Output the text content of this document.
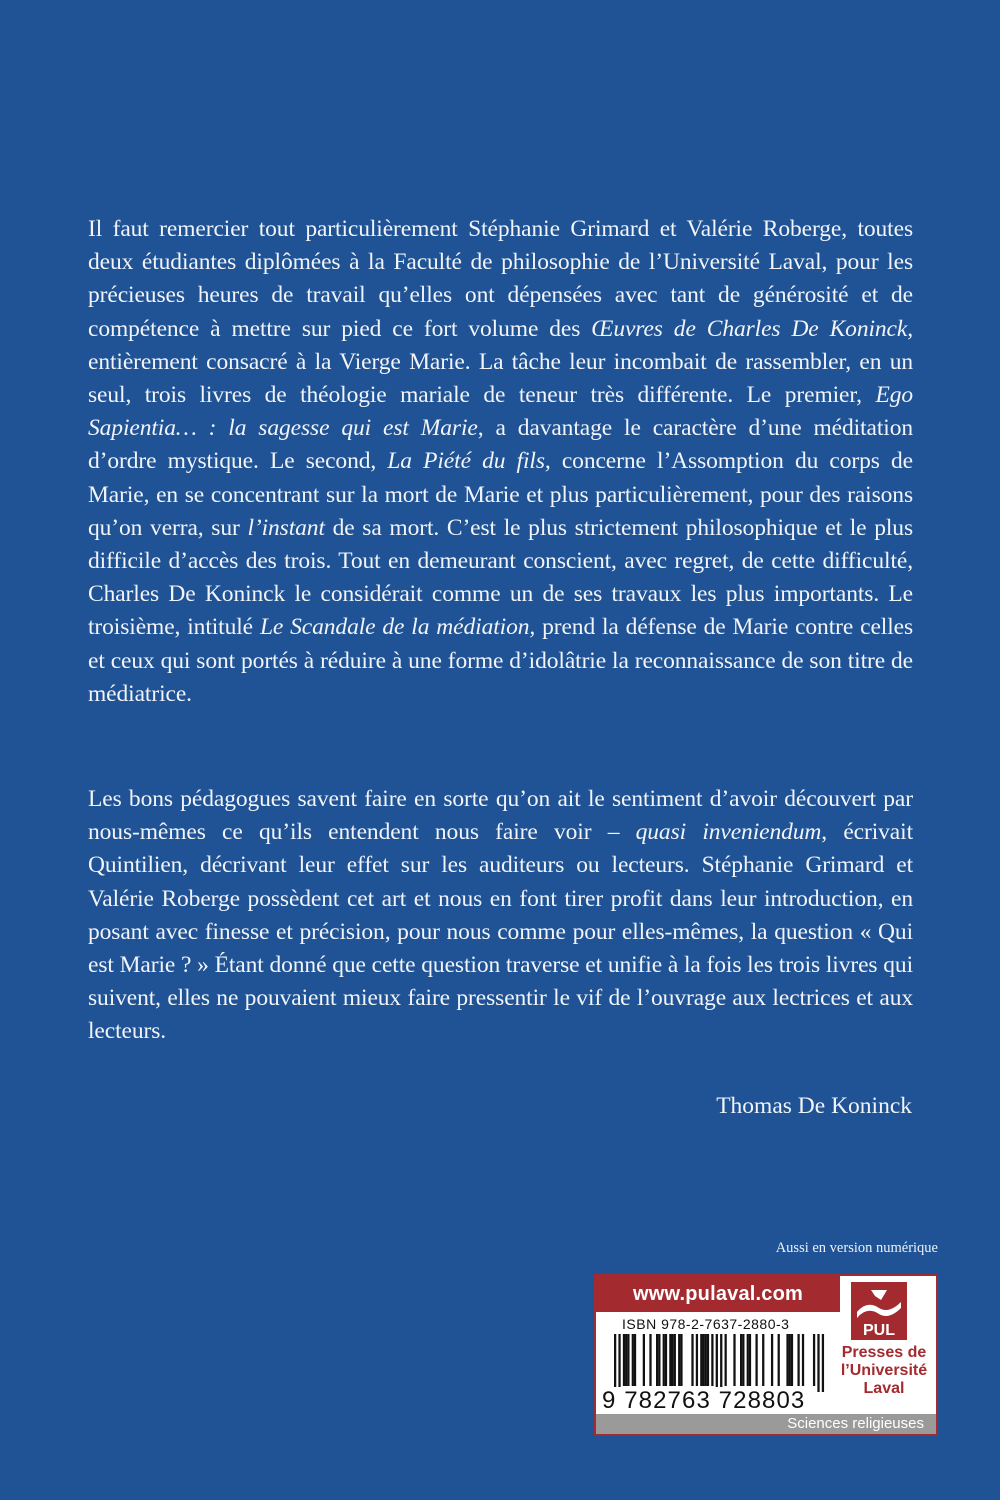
Il faut remercier tout particulièrement Stéphanie Grimard et Valérie Roberge, toutes deux étudiantes diplômées à la Faculté de philosophie de l’Université Laval, pour les précieuses heures de travail qu’elles ont dépensées avec tant de générosité et de compétence à mettre sur pied ce fort volume des Œuvres de Charles De Koninck, entièrement consacré à la Vierge Marie. La tâche leur incombait de rassembler, en un seul, trois livres de théologie mariale de teneur très différente. Le premier, Ego Sapientia… : la sagesse qui est Marie, a davantage le caractère d’une méditation d’ordre mystique. Le second, La Piété du fils, concerne l’Assomption du corps de Marie, en se concentrant sur la mort de Marie et plus particulièrement, pour des raisons qu’on verra, sur l’instant de sa mort. C’est le plus strictement philosophique et le plus difficile d’accès des trois. Tout en demeurant conscient, avec regret, de cette difficulté, Charles De Koninck le considérait comme un de ses travaux les plus importants. Le troisième, intitulé Le Scandale de la médiation, prend la défense de Marie contre celles et ceux qui sont portés à réduire à une forme d’idolâtrie la reconnaissance de son titre de médiatrice.

Les bons pédagogues savent faire en sorte qu’on ait le sentiment d’avoir découvert par nous-mêmes ce qu’ils entendent nous faire voir – quasi inveniendum, écrivait Quintilien, décrivant leur effet sur les auditeurs ou lecteurs. Stéphanie Grimard et Valérie Roberge possèdent cet art et nous en font tirer profit dans leur introduction, en posant avec finesse et précision, pour nous comme pour elles-mêmes, la question « Qui est Marie ? » Étant donné que cette question traverse et unifie à la fois les trois livres qui suivent, elles ne pouvaient mieux faire pressentir le vif de l’ouvrage aux lectrices et aux lecteurs.

Thomas De Koninck
Aussi en version numérique
www.pulaval.com
ISBN 978-2-7637-2880-3
9 782763 728803
PUL
Presses de
l’Université
Laval
Sciences religieuses
